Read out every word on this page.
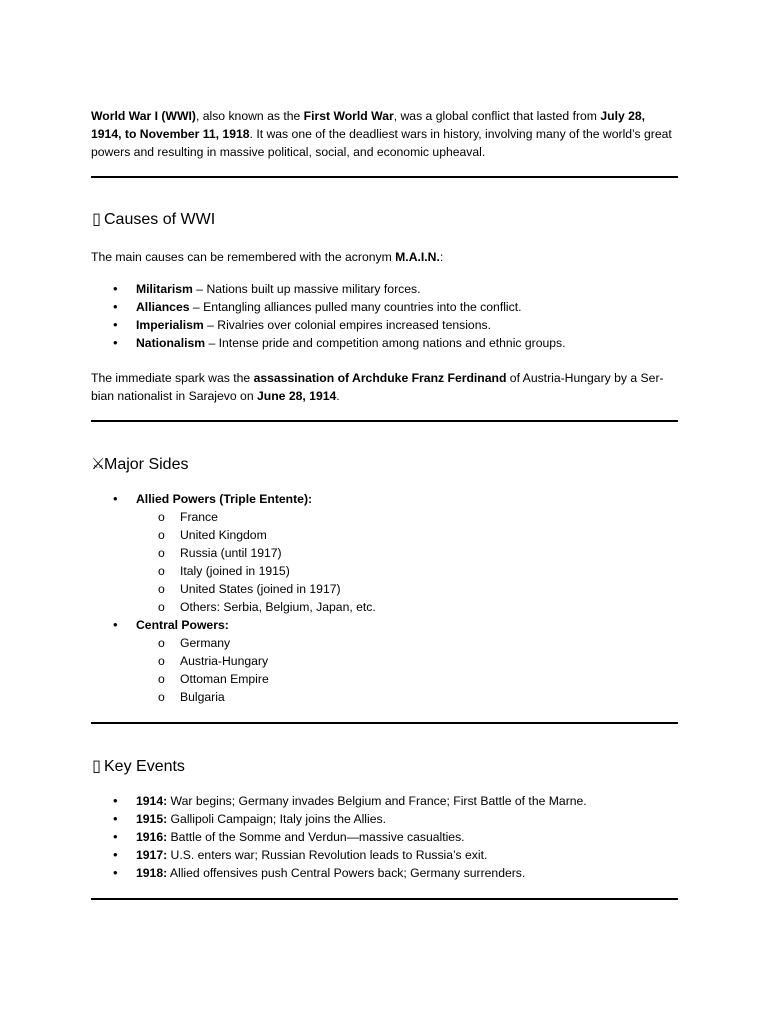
World War I (WWI), also known as the First World War, was a global conflict that lasted from July 28, 1914, to November 11, 1918. It was one of the deadliest wars in history, involving many of the world’s great powers and resulting in massive political, social, and economic upheaval.

▯ Causes of WWI

The main causes can be remembered with the acronym M.A.I.N.:

• Militarism – Nations built up massive military forces.
• Alliances – Entangling alliances pulled many countries into the conflict.
• Imperialism – Rivalries over colonial empires increased tensions.
• Nationalism – Intense pride and competition among nations and ethnic groups.

The immediate spark was the assassination of Archduke Franz Ferdinand of Austria-Hungary by a Ser-bian nationalist in Sarajevo on June 28, 1914.

⚔Major Sides
• Allied Powers (Triple Entente):
o France
o United Kingdom
o Russia (until 1917)
o Italy (joined in 1915)
o United States (joined in 1917)
o Others: Serbia, Belgium, Japan, etc.
• Central Powers:
o Germany
o Austria-Hungary
o Ottoman Empire
o Bulgaria
▯ Key Events
• 1914: War begins; Germany invades Belgium and France; First Battle of the Marne.
• 1915: Gallipoli Campaign; Italy joins the Allies.
• 1916: Battle of the Somme and Verdun—massive casualties.
• 1917: U.S. enters war; Russian Revolution leads to Russia’s exit.
• 1918: Allied offensives push Central Powers back; Germany surrenders.
